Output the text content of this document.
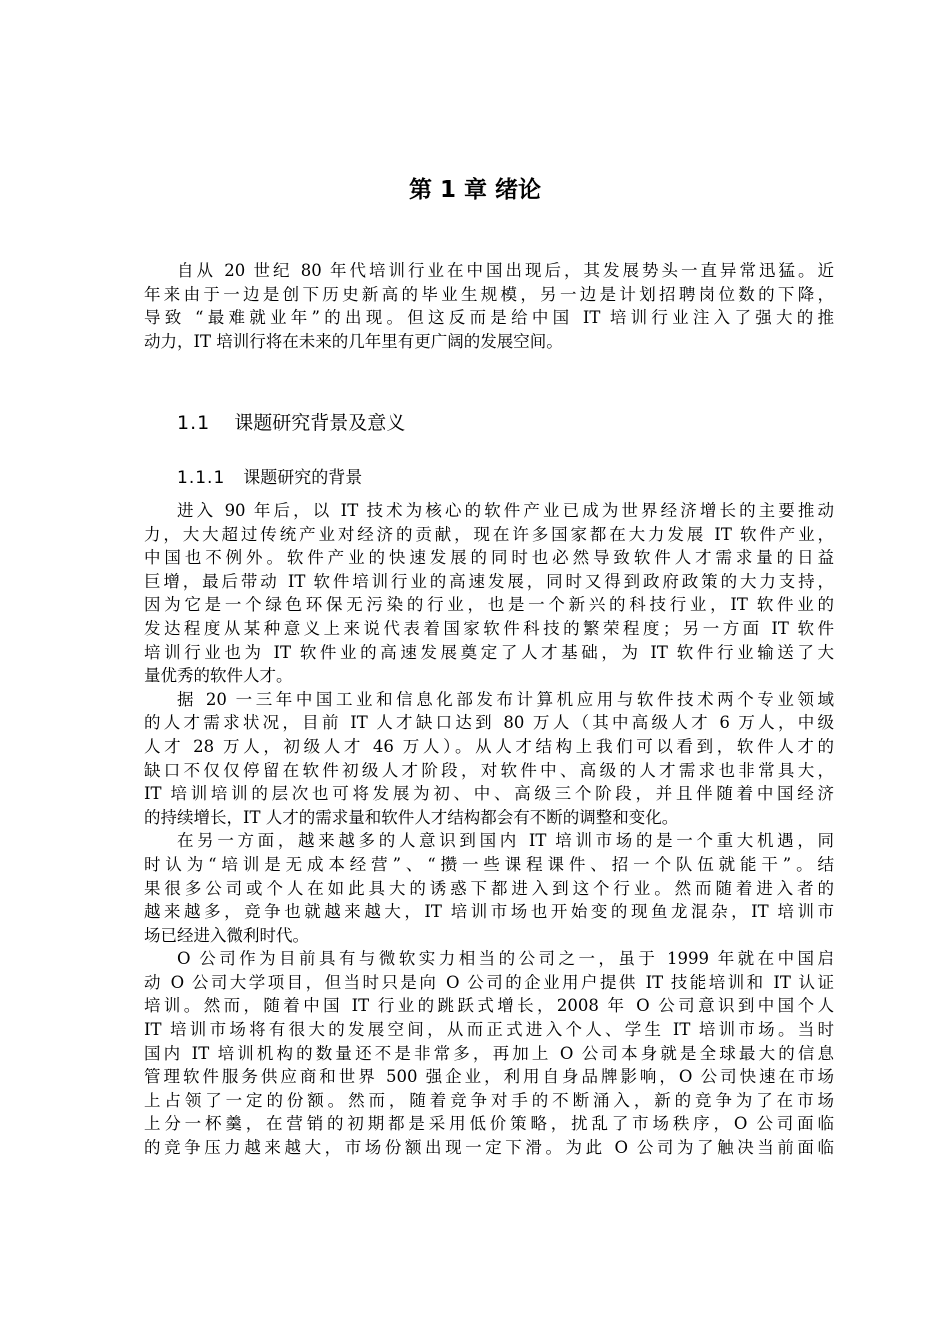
第 1 章 绪论
自从 20 世纪 80 年代培训行业在中国出现后，其发展势头一直异常迅猛。近
年来由于一边是创下历史新高的毕业生规模，另一边是计划招聘岗位数的下降，
导致 “最难就业年”的出现。但这反而是给中国 IT 培训行业注入了强大的推
动力，IT 培训行将在未来的几年里有更广阔的发展空间。
1.1 课题研究背景及意义
1.1.1 课题研究的背景
进入 90 年后，以 IT 技术为核心的软件产业已成为世界经济增长的主要推动
力，大大超过传统产业对经济的贡献，现在许多国家都在大力发展 IT 软件产业，
中国也不例外。软件产业的快速发展的同时也必然导致软件人才需求量的日益
巨增，最后带动 IT 软件培训行业的高速发展，同时又得到政府政策的大力支持，
因为它是一个绿色环保无污染的行业，也是一个新兴的科技行业，IT 软件业的
发达程度从某种意义上来说代表着国家软件科技的繁荣程度；另一方面 IT 软件
培训行业也为 IT 软件业的高速发展奠定了人才基础，为 IT 软件行业输送了大
量优秀的软件人才。
据 20 一三年中国工业和信息化部发布计算机应用与软件技术两个专业领域
的人才需求状况，目前 IT 人才缺口达到 80 万人（其中高级人才 6 万人，中级
人才 28 万人，初级人才 46 万人）。从人才结构上我们可以看到，软件人才的
缺口不仅仅停留在软件初级人才阶段，对软件中、高级的人才需求也非常具大，
IT 培训培训的层次也可将发展为初、中、高级三个阶段，并且伴随着中国经济
的持续增长，IT 人才的需求量和软件人才结构都会有不断的调整和变化。
在另一方面，越来越多的人意识到国内 IT 培训市场的是一个重大机遇，同
时认为“培训是无成本经营”、“攒一些课程课件、招一个队伍就能干”。结
果很多公司或个人在如此具大的诱惑下都进入到这个行业。然而随着进入者的
越来越多，竞争也就越来越大，IT 培训市场也开始变的现鱼龙混杂，IT 培训市
场已经进入微利时代。
O 公司作为目前具有与微软实力相当的公司之一，虽于 1999 年就在中国启
动 O 公司大学项目，但当时只是向 O 公司的企业用户提供 IT 技能培训和 IT 认证
培训。然而，随着中国 IT 行业的跳跃式增长，2008 年 O 公司意识到中国个人
IT 培训市场将有很大的发展空间，从而正式进入个人、学生 IT 培训市场。当时
国内 IT 培训机构的数量还不是非常多，再加上 O 公司本身就是全球最大的信息
管理软件服务供应商和世界 500 强企业，利用自身品牌影响，O 公司快速在市场
上占领了一定的份额。然而，随着竞争对手的不断涌入，新的竞争为了在市场
上分一杯羹，在营销的初期都是采用低价策略，扰乱了市场秩序，O 公司面临
的竞争压力越来越大，市场份额出现一定下滑。为此 O 公司为了触决当前面临
